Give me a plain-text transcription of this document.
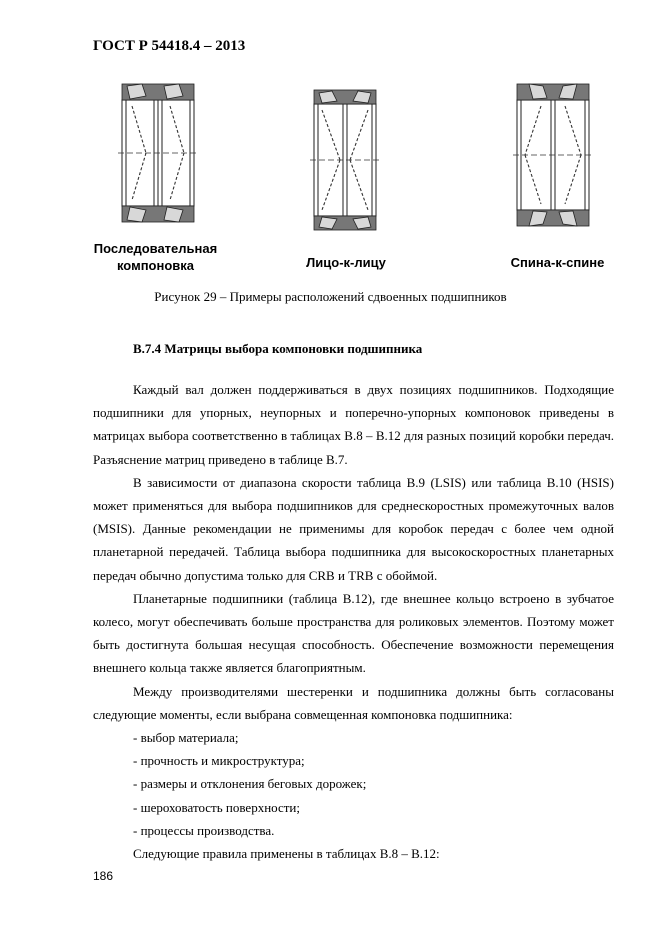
ГОСТ Р 54418.4 – 2013
Последовательная
компоновка	Лицо-к-лицу	Спина-к-спине
Рисунок 29 – Примеры расположений сдвоенных подшипников
В.7.4 Матрицы выбора компоновки подшипника

Каждый вал должен поддерживаться в двух позициях подшипников. Подходящие подшипники для упорных, неупорных и поперечно-упорных компоновок приведены в матрицах выбора соответственно в таблицах В.8 – В.12 для разных позиций коробки передач. Разъяснение матриц приведено в таблице В.7.

В зависимости от диапазона скорости таблица В.9 (LSIS) или таблица В.10 (HSIS) может применяться для выбора подшипников для среднескоростных промежуточных валов (MSIS). Данные рекомендации не применимы для коробок передач с более чем одной планетарной передачей. Таблица выбора подшипника для высокоскоростных планетарных передач обычно допустима только для CRB и TRB с обоймой.

Планетарные подшипники (таблица В.12), где внешнее кольцо встроено в зубчатое колесо, могут обеспечивать больше пространства для роликовых элементов. Поэтому может быть достигнута большая несущая способность. Обеспечение возможности перемещения внешнего кольца также является благоприятным.

Между производителями шестеренки и подшипника должны быть согласованы следующие моменты, если выбрана совмещенная компоновка подшипника:

- выбор материала;

- прочность и микроструктура;

- размеры и отклонения беговых дорожек;

- шероховатость поверхности;

- процессы производства.

Следующие правила применены в таблицах В.8 – В.12:

186
